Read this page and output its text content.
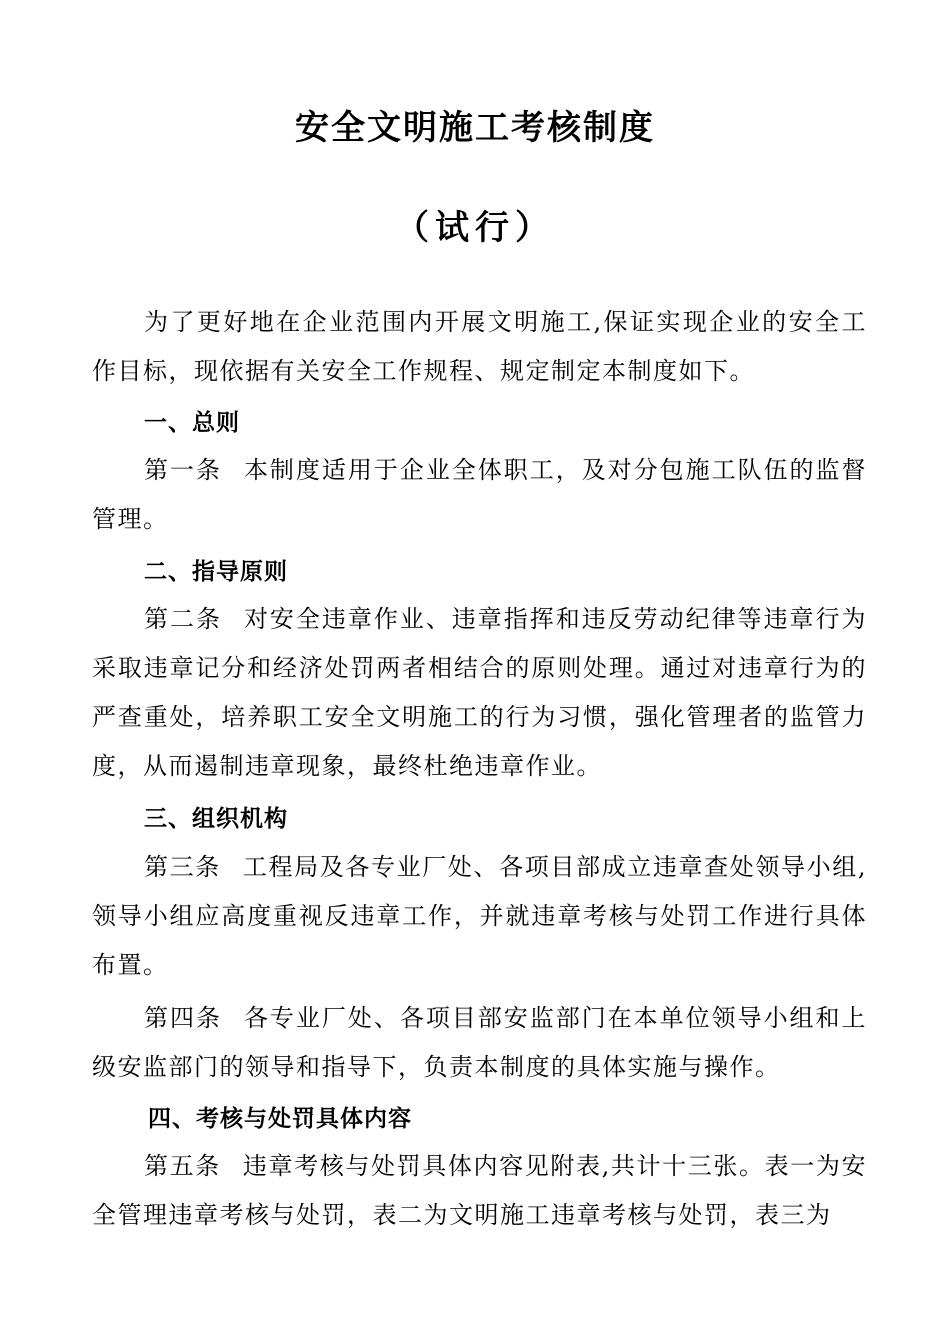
安全文明施工考核制度
（试行）
为了更好地在企业范围内开展文明施工,保证实现企业的安全工作目标，现依据有关安全工作规程、规定制定本制度如下。
一、总则
第一条 本制度适用于企业全体职工，及对分包施工队伍的监督管理。
二、指导原则
第二条 对安全违章作业、违章指挥和违反劳动纪律等违章行为采取违章记分和经济处罚两者相结合的原则处理。通过对违章行为的严查重处，培养职工安全文明施工的行为习惯，强化管理者的监管力度，从而遏制违章现象，最终杜绝违章作业。
三、组织机构
第三条 工程局及各专业厂处、各项目部成立违章查处领导小组,领导小组应高度重视反违章工作，并就违章考核与处罚工作进行具体布置。
第四条 各专业厂处、各项目部安监部门在本单位领导小组和上级安监部门的领导和指导下，负责本制度的具体实施与操作。
四、考核与处罚具体内容
第五条 违章考核与处罚具体内容见附表,共计十三张。表一为安全管理违章考核与处罚，表二为文明施工违章考核与处罚，表三为
